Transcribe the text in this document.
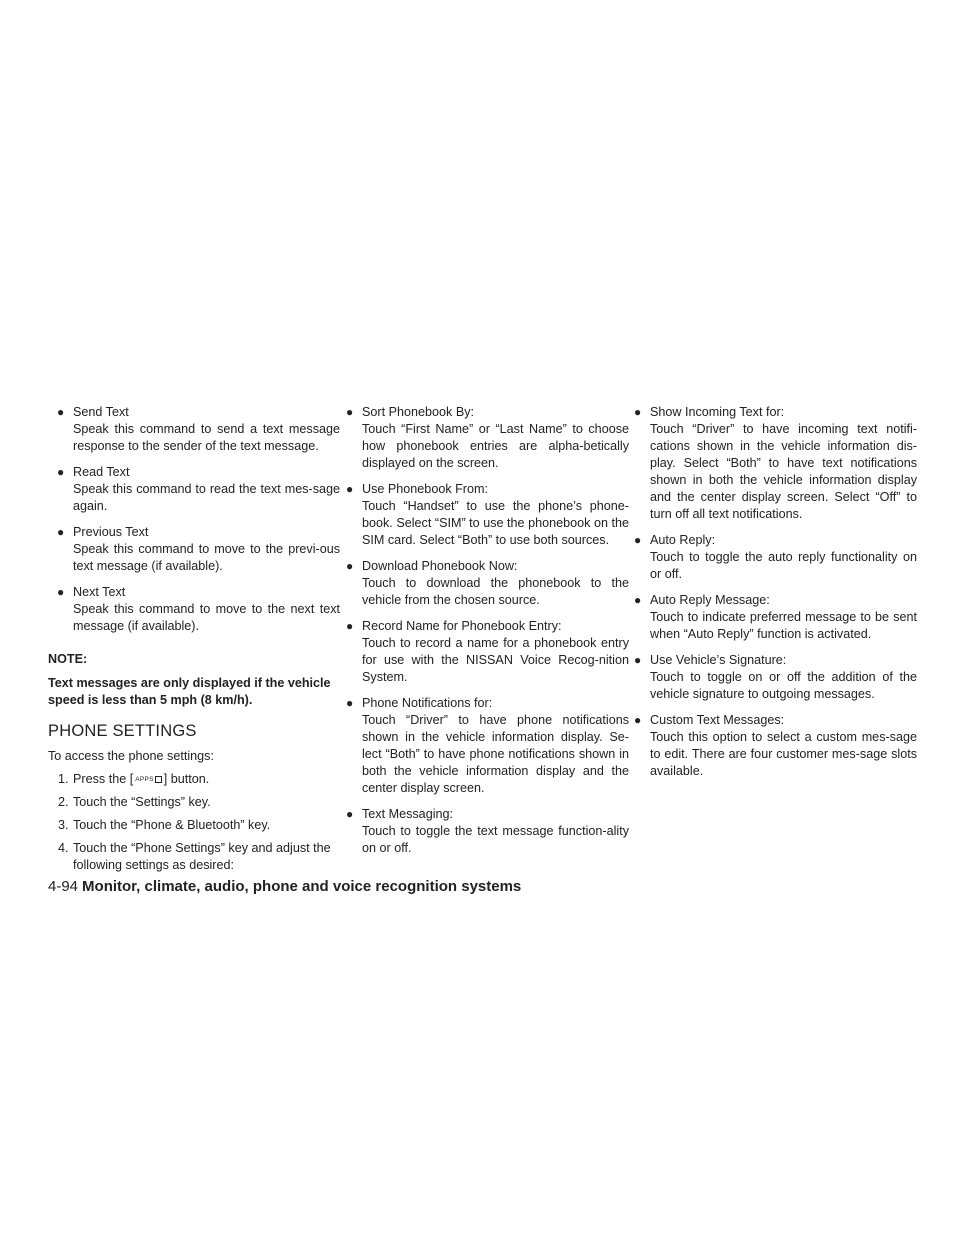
● Send Text
Speak this command to send a text message response to the sender of the text message.
● Read Text
Speak this command to read the text mes-sage again.
● Previous Text
Speak this command to move to the previ-ous text message (if available).
● Next Text
Speak this command to move to the next text message (if available).
NOTE:
Text messages are only displayed if the vehicle speed is less than 5 mph (8 km/h).
PHONE SETTINGS
To access the phone settings:
1. Press the [ APPS ] button.
2. Touch the “Settings” key.
3. Touch the “Phone & Bluetooth” key.
4. Touch the “Phone Settings” key and adjust the following settings as desired:
● Sort Phonebook By:
Touch “First Name” or “Last Name” to choose how phonebook entries are alpha-betically displayed on the screen.
● Use Phonebook From:
Touch “Handset” to use the phone’s phone-book. Select “SIM” to use the phonebook on the SIM card. Select “Both” to use both sources.
● Download Phonebook Now:
Touch to download the phonebook to the vehicle from the chosen source.
● Record Name for Phonebook Entry:
Touch to record a name for a phonebook entry for use with the NISSAN Voice Recog-nition System.
● Phone Notifications for:
Touch “Driver” to have phone notifications shown in the vehicle information display. Se-lect “Both” to have phone notifications shown in both the vehicle information display and the center display screen.
● Text Messaging:
Touch to toggle the text message function-ality on or off.
● Show Incoming Text for:
Touch “Driver” to have incoming text notifi-cations shown in the vehicle information dis-play. Select “Both” to have text notifications shown in both the vehicle information display and the center display screen. Select “Off” to turn off all text notifications.
● Auto Reply:
Touch to toggle the auto reply functionality on or off.
● Auto Reply Message:
Touch to indicate preferred message to be sent when “Auto Reply” function is activated.
● Use Vehicle’s Signature:
Touch to toggle on or off the addition of the vehicle signature to outgoing messages.
● Custom Text Messages:
Touch this option to select a custom mes-sage to edit. There are four customer mes-sage slots available.
4-94 Monitor, climate, audio, phone and voice recognition systems
